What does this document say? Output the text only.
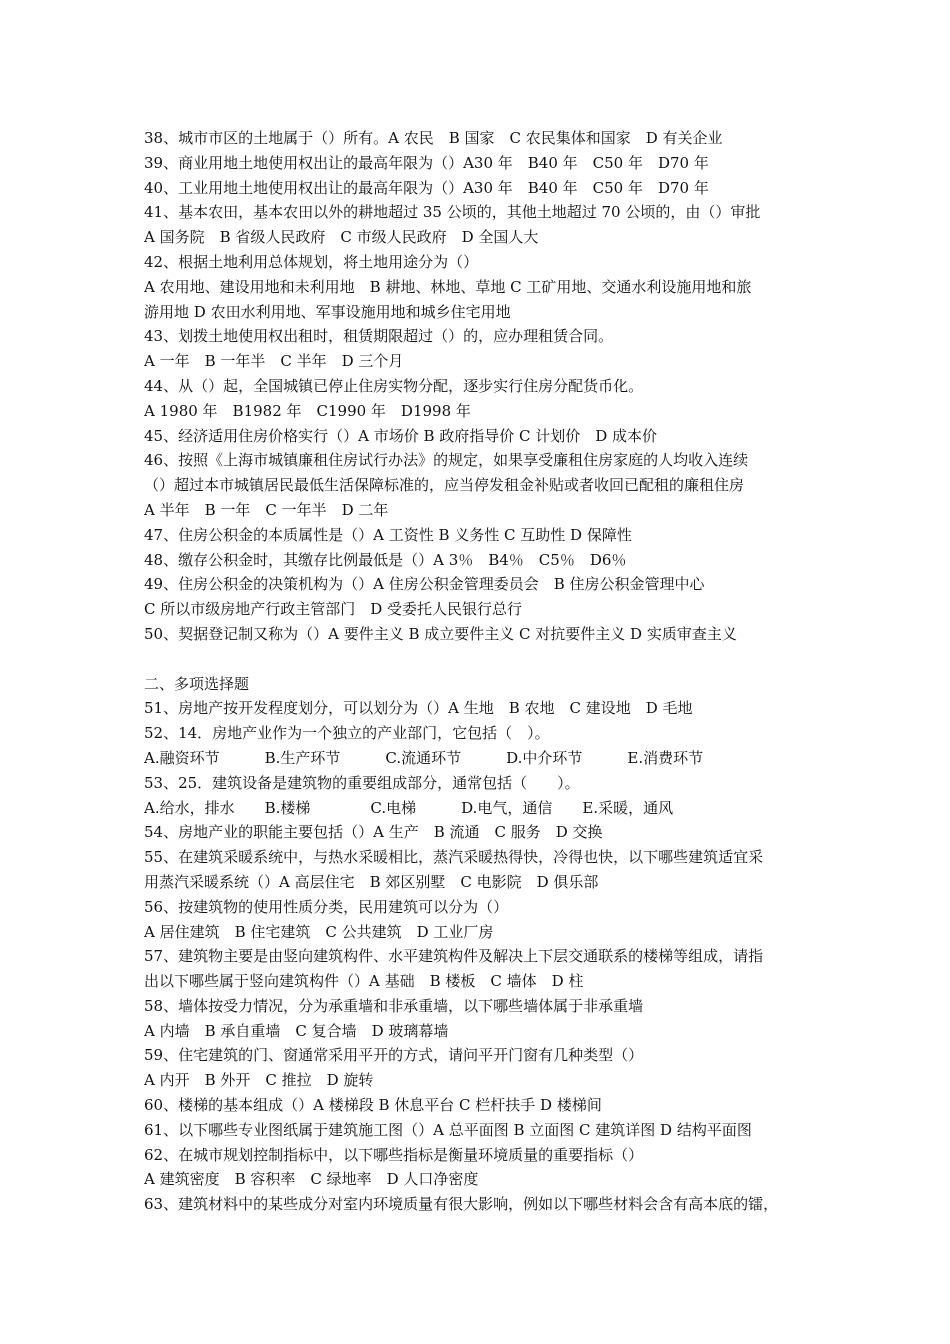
38、城市市区的土地属于（）所有。A 农民　B 国家　C 农民集体和国家　D 有关企业
39、商业用地土地使用权出让的最高年限为（）A30 年　B40 年　C50 年　D70 年
40、工业用地土地使用权出让的最高年限为（）A30 年　B40 年　C50 年　D70 年
41、基本农田，基本农田以外的耕地超过 35 公顷的，其他土地超过 70 公顷的，由（）审批
A 国务院　B 省级人民政府　C 市级人民政府　D 全国人大
42、根据土地利用总体规划，将土地用途分为（）
A 农用地、建设用地和未利用地　B 耕地、林地、草地 C 工矿用地、交通水利设施用地和旅
游用地 D 农田水利用地、军事设施用地和城乡住宅用地
43、划拨土地使用权出租时，租赁期限超过（）的，应办理租赁合同。
A 一年　B 一年半　C 半年　D 三个月
44、从（）起，全国城镇已停止住房实物分配，逐步实行住房分配货币化。
A 1980 年　B1982 年　C1990 年　D1998 年
45、经济适用住房价格实行（）A 市场价 B 政府指导价 C 计划价　D 成本价
46、按照《上海市城镇廉租住房试行办法》的规定，如果享受廉租住房家庭的人均收入连续
（）超过本市城镇居民最低生活保障标准的，应当停发租金补贴或者收回已配租的廉租住房
A 半年　B 一年　C 一年半　D 二年
47、住房公积金的本质属性是（）A 工资性 B 义务性 C 互助性 D 保障性
48、缴存公积金时，其缴存比例最低是（）A 3％　B4％　C5％　D6％
49、住房公积金的决策机构为（）A 住房公积金管理委员会　B 住房公积金管理中心
C 所以市级房地产行政主管部门　D 受委托人民银行总行
50、契据登记制又称为（）A 要件主义 B 成立要件主义 C 对抗要件主义 D 实质审查主义
二、多项选择题
51、房地产按开发程度划分，可以划分为（）A 生地　B 农地　C 建设地　D 毛地
52、14．房地产业作为一个独立的产业部门，它包括（　）。
A.融资环节　　　B.生产环节　　　C.流通环节　　　D.中介环节　　　E.消费环节
53、25．建筑设备是建筑物的重要组成部分，通常包括（　　）。
A.给水，排水　　B.楼梯　　　　C.电梯　　　D.电气，通信　　E.采暖，通风
54、房地产业的职能主要包括（）A 生产　B 流通　C 服务　D 交换
55、在建筑采暖系统中，与热水采暖相比，蒸汽采暖热得快，冷得也快，以下哪些建筑适宜采
用蒸汽采暖系统（）A 高层住宅　B 郊区别墅　C 电影院　D 俱乐部
56、按建筑物的使用性质分类，民用建筑可以分为（）
A 居住建筑　B 住宅建筑　C 公共建筑　D 工业厂房
57、建筑物主要是由竖向建筑构件、水平建筑构件及解决上下层交通联系的楼梯等组成，请指
出以下哪些属于竖向建筑构件（）A 基础　B 楼板　C 墙体　D 柱
58、墙体按受力情况，分为承重墙和非承重墙，以下哪些墙体属于非承重墙
A 内墙　B 承自重墙　C 复合墙　D 玻璃幕墙
59、住宅建筑的门、窗通常采用平开的方式，请问平开门窗有几种类型（）
A 内开　B 外开　C 推拉　D 旋转
60、楼梯的基本组成（）A 楼梯段 B 休息平台 C 栏杆扶手 D 楼梯间
61、以下哪些专业图纸属于建筑施工图（）A 总平面图 B 立面图 C 建筑详图 D 结构平面图
62、在城市规划控制指标中，以下哪些指标是衡量环境质量的重要指标（）
A 建筑密度　B 容积率　C 绿地率　D 人口净密度
63、建筑材料中的某些成分对室内环境质量有很大影响，例如以下哪些材料会含有高本底的镭，
